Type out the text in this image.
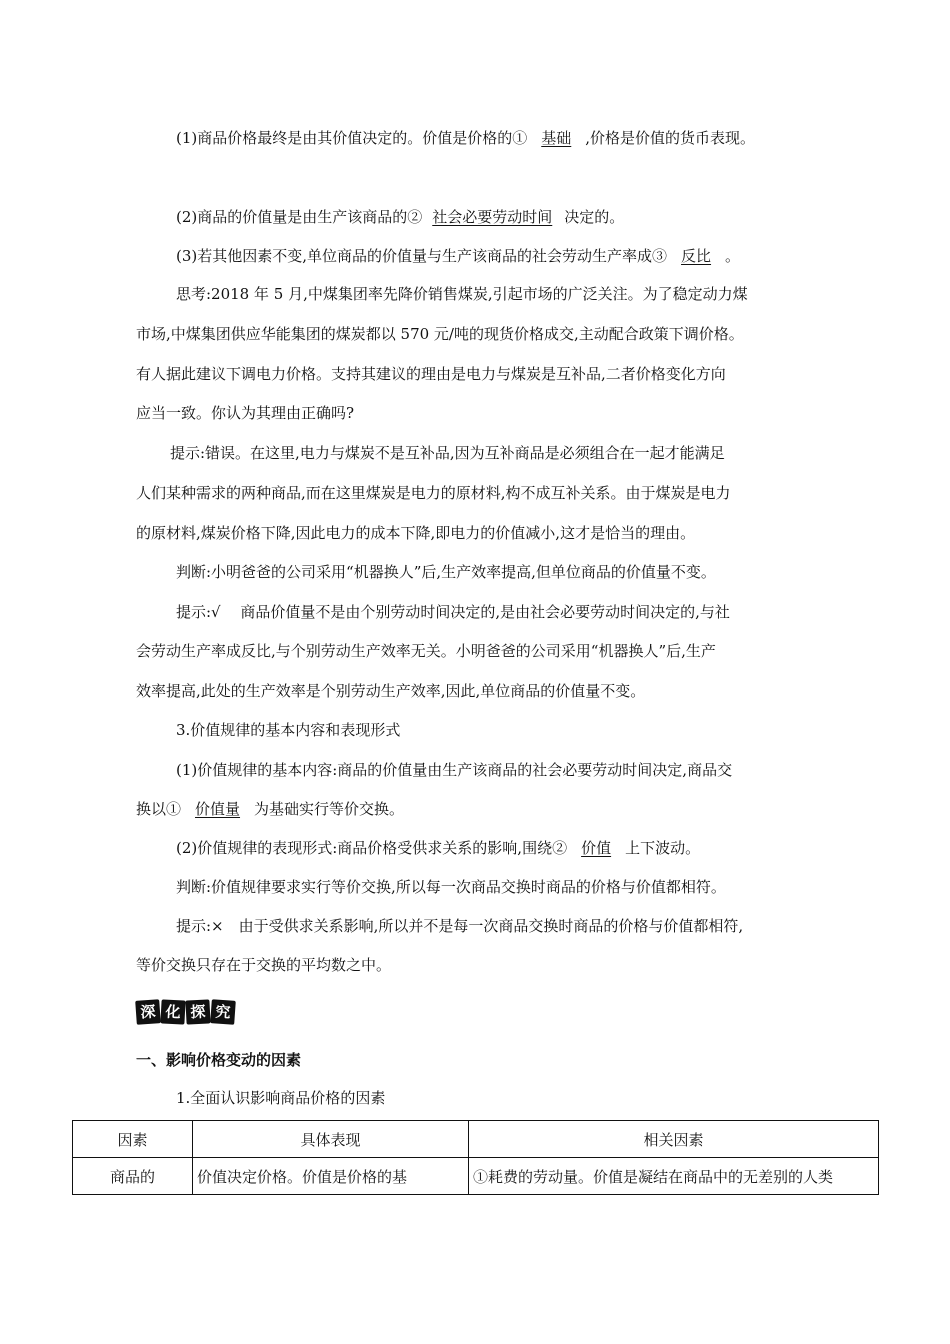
(1)商品价格最终是由其价值决定的。价值是价格的① 基础 ,价格是价值的货币表现。
(2)商品的价值量是由生产该商品的② 社会必要劳动时间 决定的。
(3)若其他因素不变,单位商品的价值量与生产该商品的社会劳动生产率成③ 反比 。
思考:2018 年 5 月,中煤集团率先降价销售煤炭,引起市场的广泛关注。为了稳定动力煤
市场,中煤集团供应华能集团的煤炭都以 570 元/吨的现货价格成交,主动配合政策下调价格。
有人据此建议下调电力价格。支持其建议的理由是电力与煤炭是互补品,二者价格变化方向
应当一致。你认为其理由正确吗?
提示:错误。在这里,电力与煤炭不是互补品,因为互补商品是必须组合在一起才能满足
人们某种需求的两种商品,而在这里煤炭是电力的原材料,构不成互补关系。由于煤炭是电力
的原材料,煤炭价格下降,因此电力的成本下降,即电力的价值减小,这才是恰当的理由。
判断:小明爸爸的公司采用“机器换人”后,生产效率提高,但单位商品的价值量不变。
提示:√　 商品价值量不是由个别劳动时间决定的,是由社会必要劳动时间决定的,与社
会劳动生产率成反比,与个别劳动生产效率无关。小明爸爸的公司采用“机器换人”后,生产
效率提高,此处的生产效率是个别劳动生产效率,因此,单位商品的价值量不变。
3.价值规律的基本内容和表现形式
(1)价值规律的基本内容:商品的价值量由生产该商品的社会必要劳动时间决定,商品交
换以① 价值量 为基础实行等价交换。
(2)价值规律的表现形式:商品价格受供求关系的影响,围绕② 价值 上下波动。
判断:价值规律要求实行等价交换,所以每一次商品交换时商品的价格与价值都相符。
提示:×　由于受供求关系影响,所以并不是每一次商品交换时商品的价格与价值都相符,
等价交换只存在于交换的平均数之中。
深 化 探 究
一、影响价格变动的因素
1.全面认识影响商品价格的因素
因素	具体表现	相关因素
商品的	价值决定价格。价值是价格的基	①耗费的劳动量。价值是凝结在商品中的无差别的人类
